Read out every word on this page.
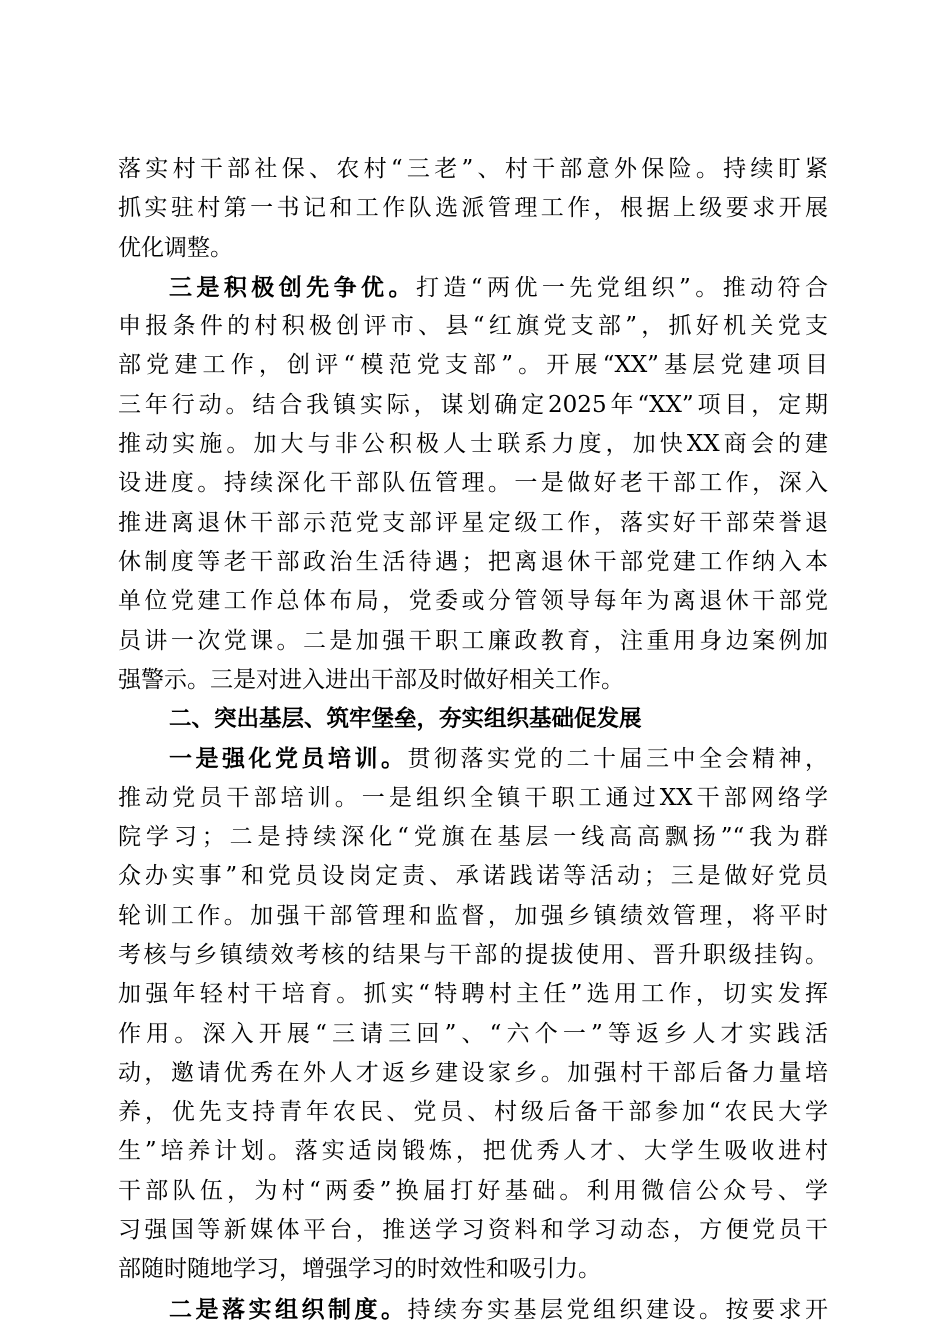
落实村干部社保、农村“三老”、村干部意外保险。持续盯紧
抓实驻村第一书记和工作队选派管理工作，根据上级要求开展
优化调整。
三是积极创先争优。打造“两优一先党组织”。推动符合
申报条件的村积极创评市、县“红旗党支部”，抓好机关党支
部党建工作，创评“模范党支部”。开展“XX”基层党建项目
三年行动。结合我镇实际，谋划确定2025年“XX”项目，定期
推动实施。加大与非公积极人士联系力度，加快XX商会的建
设进度。持续深化干部队伍管理。一是做好老干部工作，深入
推进离退休干部示范党支部评星定级工作，落实好干部荣誉退
休制度等老干部政治生活待遇；把离退休干部党建工作纳入本
单位党建工作总体布局，党委或分管领导每年为离退休干部党
员讲一次党课。二是加强干职工廉政教育，注重用身边案例加
强警示。三是对进入进出干部及时做好相关工作。
二、突出基层、筑牢堡垒，夯实组织基础促发展
一是强化党员培训。贯彻落实党的二十届三中全会精神，
推动党员干部培训。一是组织全镇干职工通过XX干部网络学
院学习；二是持续深化“党旗在基层一线高高飘扬”“我为群
众办实事”和党员设岗定责、承诺践诺等活动；三是做好党员
轮训工作。加强干部管理和监督，加强乡镇绩效管理，将平时
考核与乡镇绩效考核的结果与干部的提拔使用、晋升职级挂钩。
加强年轻村干培育。抓实“特聘村主任”选用工作，切实发挥
作用。深入开展“三请三回”、“六个一”等返乡人才实践活
动，邀请优秀在外人才返乡建设家乡。加强村干部后备力量培
养，优先支持青年农民、党员、村级后备干部参加“农民大学
生”培养计划。落实适岗锻炼，把优秀人才、大学生吸收进村
干部队伍，为村“两委”换届打好基础。利用微信公众号、学
习强国等新媒体平台，推送学习资料和学习动态，方便党员干
部随时随地学习，增强学习的时效性和吸引力。
二是落实组织制度。持续夯实基层党组织建设。按要求开
